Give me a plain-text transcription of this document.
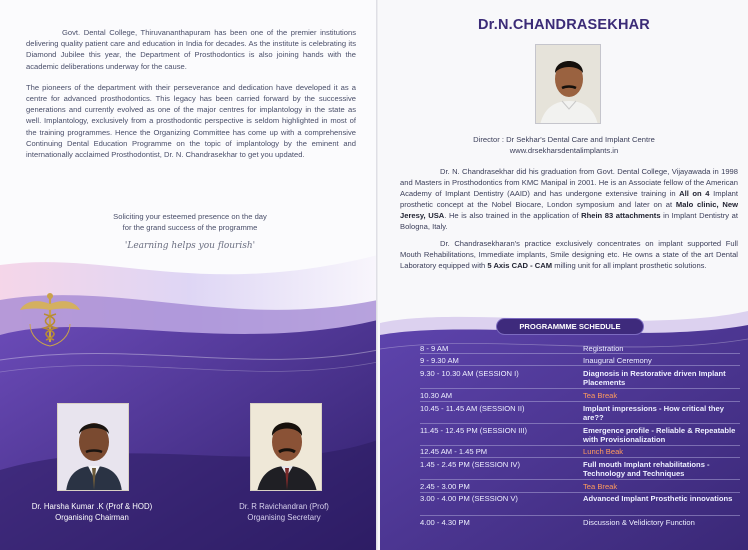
Govt. Dental College, Thiruvananthapuram has been one of the premier institutions delivering quality patient care and education in India for decades. As the institute is celebrating its Diamond Jubilee this year, the Department of Prosthodontics is also joining hands with the academic deliberations underway for the cause.

The pioneers of the department with their perseverance and dedication have developed it as a centre for advanced prosthodontics. This legacy has been carried forward by the successive generations and currently evolved as one of the major centres for implantology in the state as well. Implantology, exclusively from a prosthodontic perspective is seldom highlighted in most of the training programmes. Hence the Organizing Committee has come up with a comprehensive Continuing Dental Education Programme on the topic of implantology by the eminent and internationally acclaimed Prosthodontist, Dr. N. Chandrasekhar to get you updated.

Soliciting your esteemed presence on the day
for the grand success of the programme
'Learning helps you flourish'
Dr. Harsha Kumar .K (Prof & HOD)
Organising Chairman
Dr. R Ravichandran (Prof)
Organising Secretary
Dr.N.CHANDRASEKHAR
Director : Dr Sekhar's Dental Care and Implant Centre
www.drsekharsdentalimplants.in

Dr. N. Chandrasekhar did his graduation from Govt. Dental College, Vijayawada in 1998 and Masters in Prosthodontics from KMC Manipal in 2001. He is an Associate fellow of the American Academy of Implant Dentistry (AAID) and has undergone extensive training in All on 4 Implant prosthetic concept at the Nobel Biocare, London symposium and later on at Malo clinic, New Jeresy, USA. He is also trained in the application of Rhein 83 attachments in Implant Dentistry at Bologna, Italy.

Dr. Chandrasekharan's practice exclusively concentrates on implant supported Full Mouth Rehabilitations, Immediate implants, Smile designing etc. He owns a state of the art Dental Laboratory equipped with 5 Axis CAD - CAM milling unit for all implant prosthetic solutions.

PROGRAMMME SCHEDULE
8 - 9 AM	Registration
9 - 9.30 AM	Inaugural Ceremony
9.30 - 10.30 AM (SESSION I)	Diagnosis in Restorative driven Implant Placements
10.30 AM	Tea Break
10.45 - 11.45 AM (SESSION II)	Implant impressions - How critical they are??
11.45 - 12.45 PM (SESSION III)	Emergence profile - Reliable & Repeatable with Provisionalization
12.45 AM - 1.45 PM	Lunch Beak
1.45 - 2.45 PM (SESSION IV)	Full mouth Implant rehabilitations - Technology and Techniques
2.45 - 3.00 PM	Tea Break
3.00 - 4.00 PM (SESSION V)	Advanced Implant Prosthetic innovations
4.00 - 4.30 PM	Discussion & Velidictory Function
